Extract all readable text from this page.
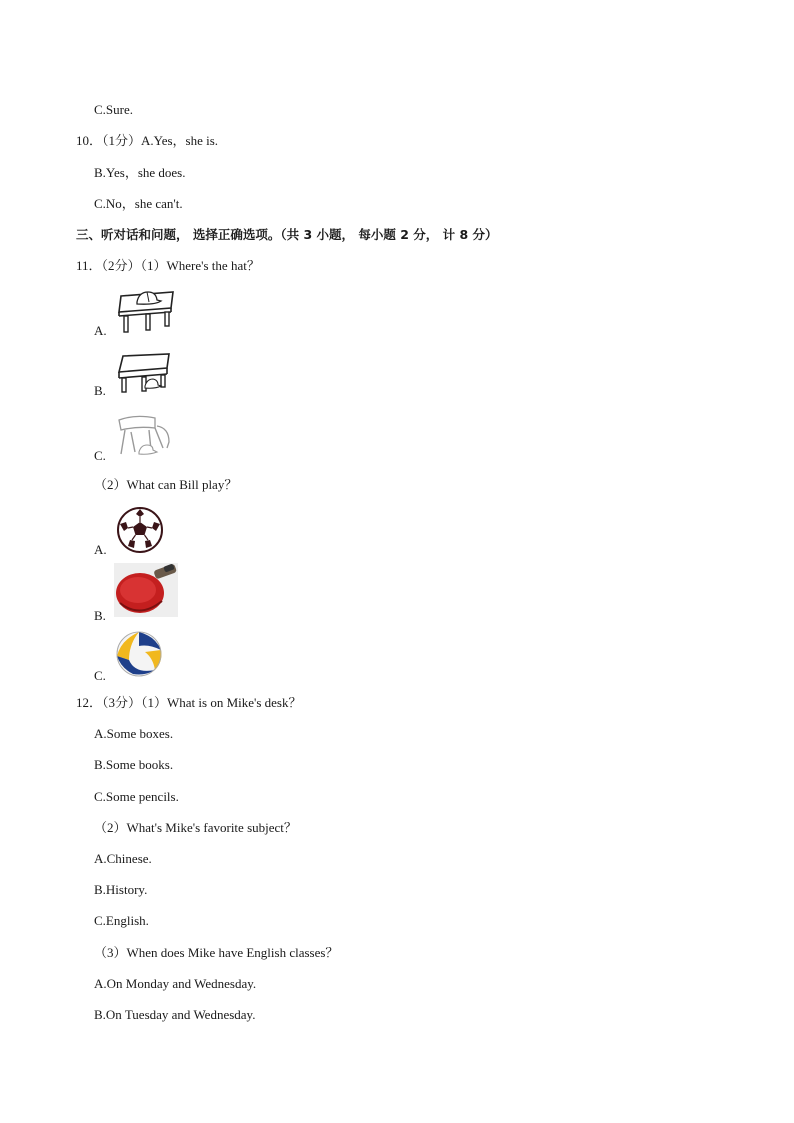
C.Sure.
10．（1分）A.Yes，she is.
B.Yes，she does.
C.No，she can't.
三、听对话和问题， 选择正确选项。（共 3 小题， 每小题 2 分， 计 8 分）
11．（2分）（1）Where's the hat？
A.
B.
C.
（2）What can Bill play？
A.
B.
C.
12．（3分）（1）What is on Mike's desk？
A.Some boxes.
B.Some books.
C.Some pencils.
（2）What's Mike's favorite subject？
A.Chinese.
B.History.
C.English.
（3）When does Mike have English classes？
A.On Monday and Wednesday.
B.On Tuesday and Wednesday.
